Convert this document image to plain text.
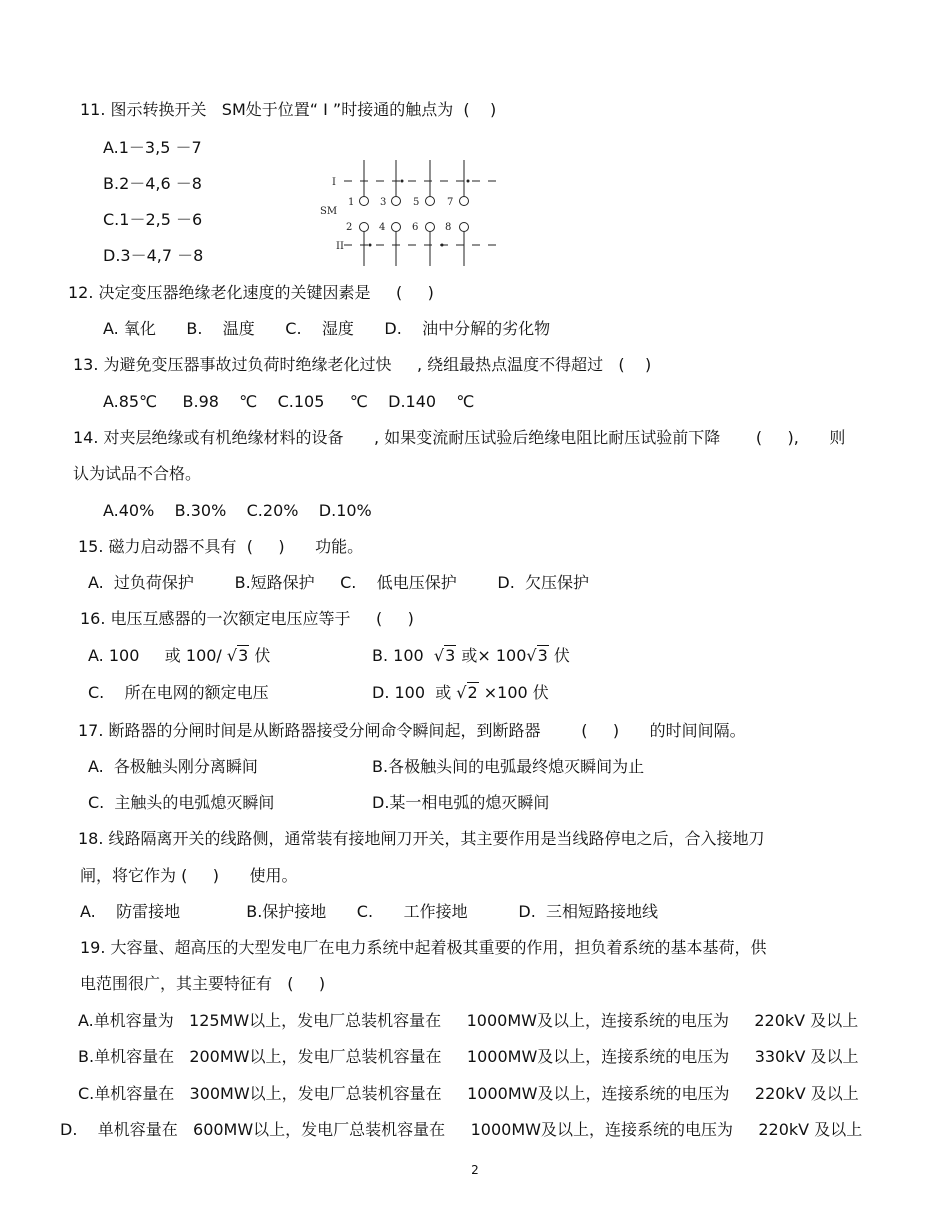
11. 图示转换开关   SM处于位置“ I ”时接通的触点为  (    )
A.1－3,5 －7
B.2－4,6 －8
C.1－2,5 －6
D.3－4,7 －8
I
SM
II
1	3	5	7
2	4	6	8
12. 决定变压器绝缘老化速度的关键因素是     (     )
A. 氧化      B.    温度      C.    湿度      D.    油中分解的劣化物
13. 为避免变压器事故过负荷时绝缘老化过快     , 绕组最热点温度不得超过   (    )
A.85℃     B.98    ℃    C.105     ℃    D.140    ℃
14. 对夹层绝缘或有机绝缘材料的设备      , 如果变流耐压试验后绝缘电阻比耐压试验前下降       (     ),      则
认为试品不合格。
A.40%    B.30%    C.20%    D.10%
15. 磁力启动器不具有  (     )      功能。
A.  过负荷保护        B.短路保护     C.    低电压保护        D.  欠压保护
16. 电压互感器的一次额定电压应等于     (     )
A. 100     或 100/ √3 伏	B. 100  √3 或× 100√3 伏
C.    所在电网的额定电压	D. 100  或 √2 ×100 伏
17. 断路器的分闸时间是从断路器接受分闸命令瞬间起，到断路器        (     )      的时间间隔。
A.  各极触头刚分离瞬间	B.各极触头间的电弧最终熄灭瞬间为止
C.  主触头的电弧熄灭瞬间	D.某一相电弧的熄灭瞬间
18. 线路隔离开关的线路侧，通常装有接地闸刀开关，其主要作用是当线路停电之后，合入接地刀
闸，将它作为 (     )      使用。
A.    防雷接地             B.保护接地      C.      工作接地          D.  三相短路接地线
19. 大容量、超高压的大型发电厂在电力系统中起着极其重要的作用，担负着系统的基本基荷，供
电范围很广，其主要特征有   (     )
A.单机容量为   125MW以上，发电厂总装机容量在     1000MW及以上，连接系统的电压为     220kV 及以上
B.单机容量在   200MW以上，发电厂总装机容量在     1000MW及以上，连接系统的电压为     330kV 及以上
C.单机容量在   300MW以上，发电厂总装机容量在     1000MW及以上，连接系统的电压为     220kV 及以上
D.    单机容量在   600MW以上，发电厂总装机容量在     1000MW及以上，连接系统的电压为     220kV 及以上
2
